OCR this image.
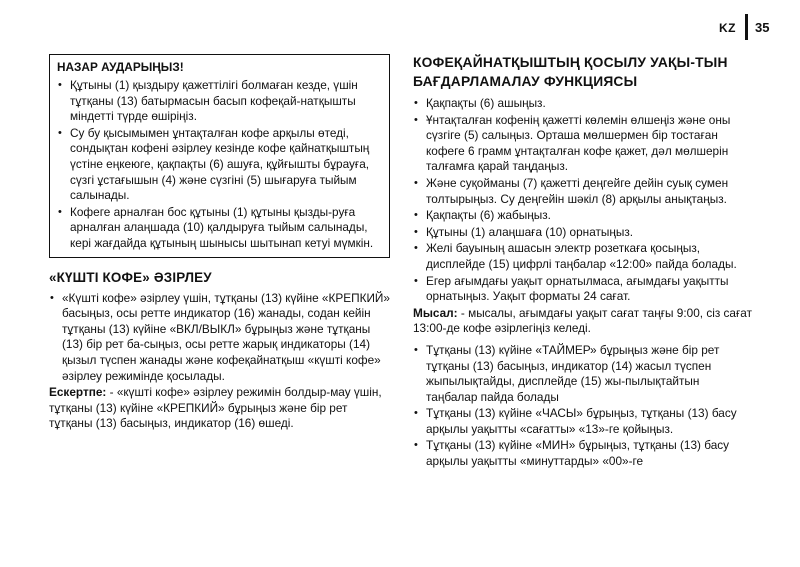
KZ 35
НАЗАР АУДАРЫҢЫЗ!
• Құтыны (1) қыздыру қажеттілігі болмаған кезде, үшін тұтқаны (13) батырмасын басып кофеқай-натқышты міндетті түрде өшіріңіз.
• Су бу қысымымен ұнтақталған кофе арқылы өтеді, сондықтан кофені әзірлеу кезінде кофе қайнатқыштың үстіне еңкеюге, қақпақты (6) ашуға, құйғышты бұрауға, сүзгі ұстағышын (4) және сүзгіні (5) шығаруға тыйым салынады.
• Кофеге арналған бос құтыны (1) құтыны қызды-руға арналған алаңшада (10) қалдыруға тыйым салынады, кері жағдайда құтының шынысы шытынап кетуі мүмкін.
«КҮШТІ КОФЕ» ӘЗІРЛЕУ
• «Күшті кофе» әзірлеу үшін, тұтқаны (13) күйіне «КРЕПКИЙ» басыңыз, осы ретте индикатор (16) жанады, содан кейін тұтқаны (13) күйіне «ВКЛ/ВЫКЛ» бұрыңыз және тұтқаны (13) бір рет ба-сыңыз, осы ретте жарық индикаторы (14) қызыл түспен жанады және кофеқайнатқыш «күшті кофе» әзірлеу режимінде қосылады.

Ескертпе: - «күшті кофе» әзірлеу режимін болдыр-мау үшін, тұтқаны (13) күйіне «КРЕПКИЙ» бұрыңыз және бір рет тұтқаны (13) басыңыз, индикатор (16) өшеді.

КОФЕҚАЙНАТҚЫШТЫҢ ҚОСЫЛУ УАҚЫ-ТЫН БАҒДАРЛАМАЛАУ ФУНКЦИЯСЫ
• Қақпақты (6) ашыңыз.
• Ұнтақталған кофенің қажетті көлемін өлшеңіз және оны сүзгіге (5) салыңыз. Орташа мөлшермен бір тостаған кофеге 6 грамм ұнтақталған кофе қажет, дәл мөлшерін талғамға қарай таңдаңыз.
• Және суқойманы (7) қажетті деңгейге дейін суық сумен толтырыңыз. Су деңгейін шәкіл (8) арқылы анықтаңыз.
• Қақпақты (6) жабыңыз.
• Құтыны (1) алаңшаға (10) орнатыңыз.
• Желі бауының ашасын электр розеткаға қосыңыз, дисплейде (15) цифрлі таңбалар «12:00» пайда болады.
• Егер ағымдағы уақыт орнатылмаса, ағымдағы уақытты орнатыңыз. Уақыт форматы 24 сағат.

Мысал: - мысалы, ағымдағы уақыт сағат таңғы 9:00, сіз сағат 13:00-де кофе әзірлегіңіз келеді.

• Тұтқаны (13) күйіне «ТАЙМЕР» бұрыңыз және бір рет тұтқаны (13) басыңыз, индикатор (14) жасыл түспен жыпылықтайды, дисплейде (15) жы-пылықтайтын таңбалар пайда болады
• Тұтқаны (13) күйіне «ЧАСЫ» бұрыңыз, тұтқаны (13) басу арқылы уақытты «сағатты» «13»-ге қойыңыз.
• Тұтқаны (13) күйіне «МИН» бұрыңыз, тұтқаны (13) басу арқылы уақытты «минуттарды» «00»-ге
